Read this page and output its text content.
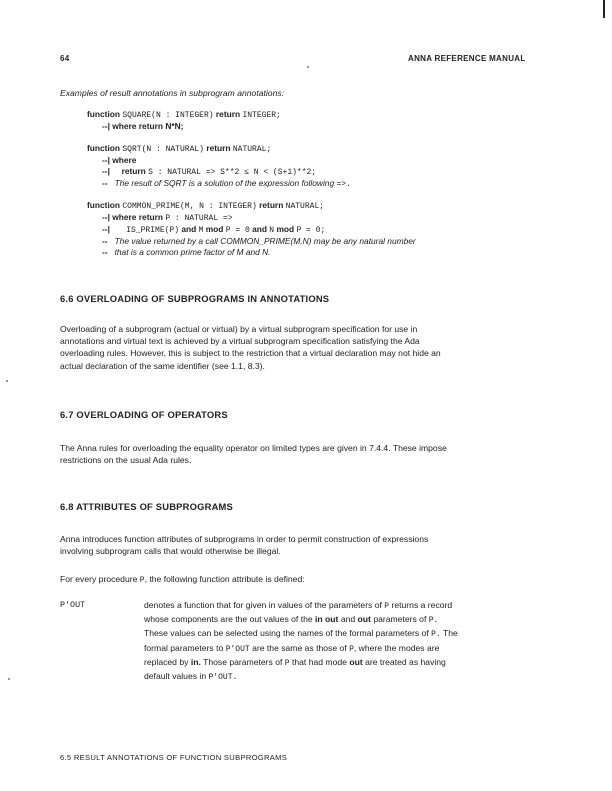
64	ANNA REFERENCE MANUAL
Examples of result annotations in subprogram annotations:
function SQUARE(N : INTEGER) return INTEGER;
--| where return N*N;
function SQRT(N : NATURAL) return NATURAL;
--| where
--| return S : NATURAL => S**2 ≤ N < (S+1)**2;
-- The result of SQRT is a solution of the expression following =>.
function COMMON_PRIME(M, N : INTEGER) return NATURAL;
--| where return P : NATURAL =>
--| IS_PRIME(P) and M mod P = 0 and N mod P = 0;
-- The value returned by a call COMMON_PRIME(M,N) may be any natural number
-- that is a common prime factor of M and N.
6.6 OVERLOADING OF SUBPROGRAMS IN ANNOTATIONS
Overloading of a subprogram (actual or virtual) by a virtual subprogram specification for use in
annotations and virtual text is achieved by a virtual subprogram specification satisfying the Ada
overloading rules. However, this is subject to the restriction that a virtual declaration may not hide an
actual declaration of the same identifier (see 1.1, 8.3).
6.7 OVERLOADING OF OPERATORS
The Anna rules for overloading the equality operator on limited types are given in 7.4.4. These impose
restrictions on the usual Ada rules.
6.8 ATTRIBUTES OF SUBPROGRAMS
Anna introduces function attributes of subprograms in order to permit construction of expressions
involving subprogram calls that would otherwise be illegal.
For every procedure P, the following function attribute is defined:
P'OUT	denotes a function that for given in values of the parameters of P returns a record
whose components are the out values of the in out and out parameters of P.
These values can be selected using the names of the formal parameters of P. The
formal parameters to P'OUT are the same as those of P, where the modes are
replaced by in. Those parameters of P that had mode out are treated as having
default values in P'OUT.
6.5 RESULT ANNOTATIONS OF FUNCTION SUBPROGRAMS
